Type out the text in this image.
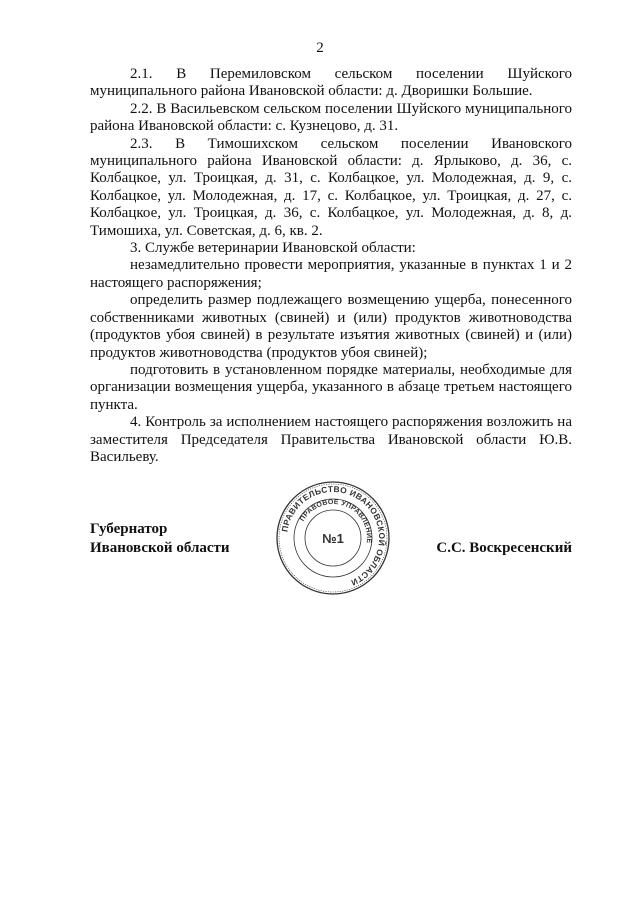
2

2.1. В Перемиловском сельском поселении Шуйского муниципального района Ивановской области: д. Дворишки Большие.

2.2. В Васильевском сельском поселении Шуйского муниципального района Ивановской области: с. Кузнецово, д. 31.

2.3. В Тимошихском сельском поселении Ивановского муниципального района Ивановской области: д. Ярлыково, д. 36, с. Колбацкое, ул. Троицкая, д. 31, с. Колбацкое, ул. Молодежная, д. 9, с. Колбацкое, ул. Молодежная, д. 17, с. Колбацкое, ул. Троицкая, д. 27, с. Колбацкое, ул. Троицкая, д. 36, с. Колбацкое, ул. Молодежная, д. 8, д. Тимошиха, ул. Советская, д. 6, кв. 2.

3. Службе ветеринарии Ивановской области:

незамедлительно провести мероприятия, указанные в пунктах 1 и 2 настоящего распоряжения;

определить размер подлежащего возмещению ущерба, понесенного собственниками животных (свиней) и (или) продуктов животноводства (продуктов убоя свиней) в результате изъятия животных (свиней) и (или) продуктов животноводства (продуктов убоя свиней);

подготовить в установленном порядке материалы, необходимые для организации возмещения ущерба, указанного в абзаце третьем настоящего пункта.

4. Контроль за исполнением настоящего распоряжения возложить на заместителя Председателя Правительства Ивановской области Ю.В. Васильеву.

Губернатор
Ивановской области
ПРАВИТЕЛЬСТВО ИВАНОВСКОЙ ОБЛАСТИ
ПРАВОВОЕ УПРАВЛЕНИЕ
№1
С.С. Воскресенский
